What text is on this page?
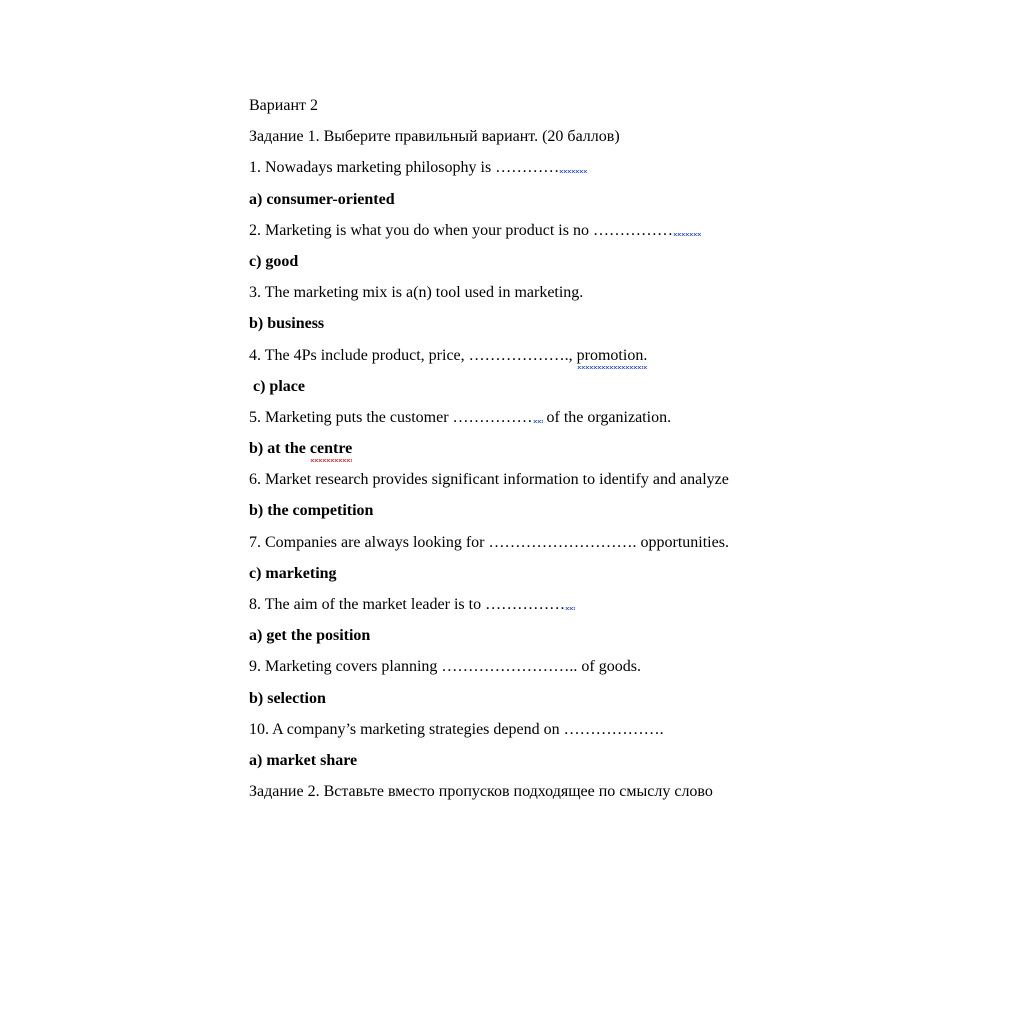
Вариант 2
Задание 1. Выберите правильный вариант. (20 баллов)
1. Nowadays marketing philosophy is …………
a) consumer-oriented
2. Marketing is what you do when your product is no ……………
c) good
3. The marketing mix is a(n) tool used in marketing.
b) business
4. The 4Ps include product, price, ………………., promotion.
c) place
5. Marketing puts the customer …………… of the organization.
b) at the centre
6. Market research provides significant information to identify and analyze
b) the competition
7. Companies are always looking for ………………………. opportunities.
c) marketing
8. The aim of the market leader is to ……………
a) get the position
9. Marketing covers planning …………………….. of goods.
b) selection
10. A company’s marketing strategies depend on ……………….
a) market share
Задание 2. Вставьте вместо пропусков подходящее по смыслу слово
